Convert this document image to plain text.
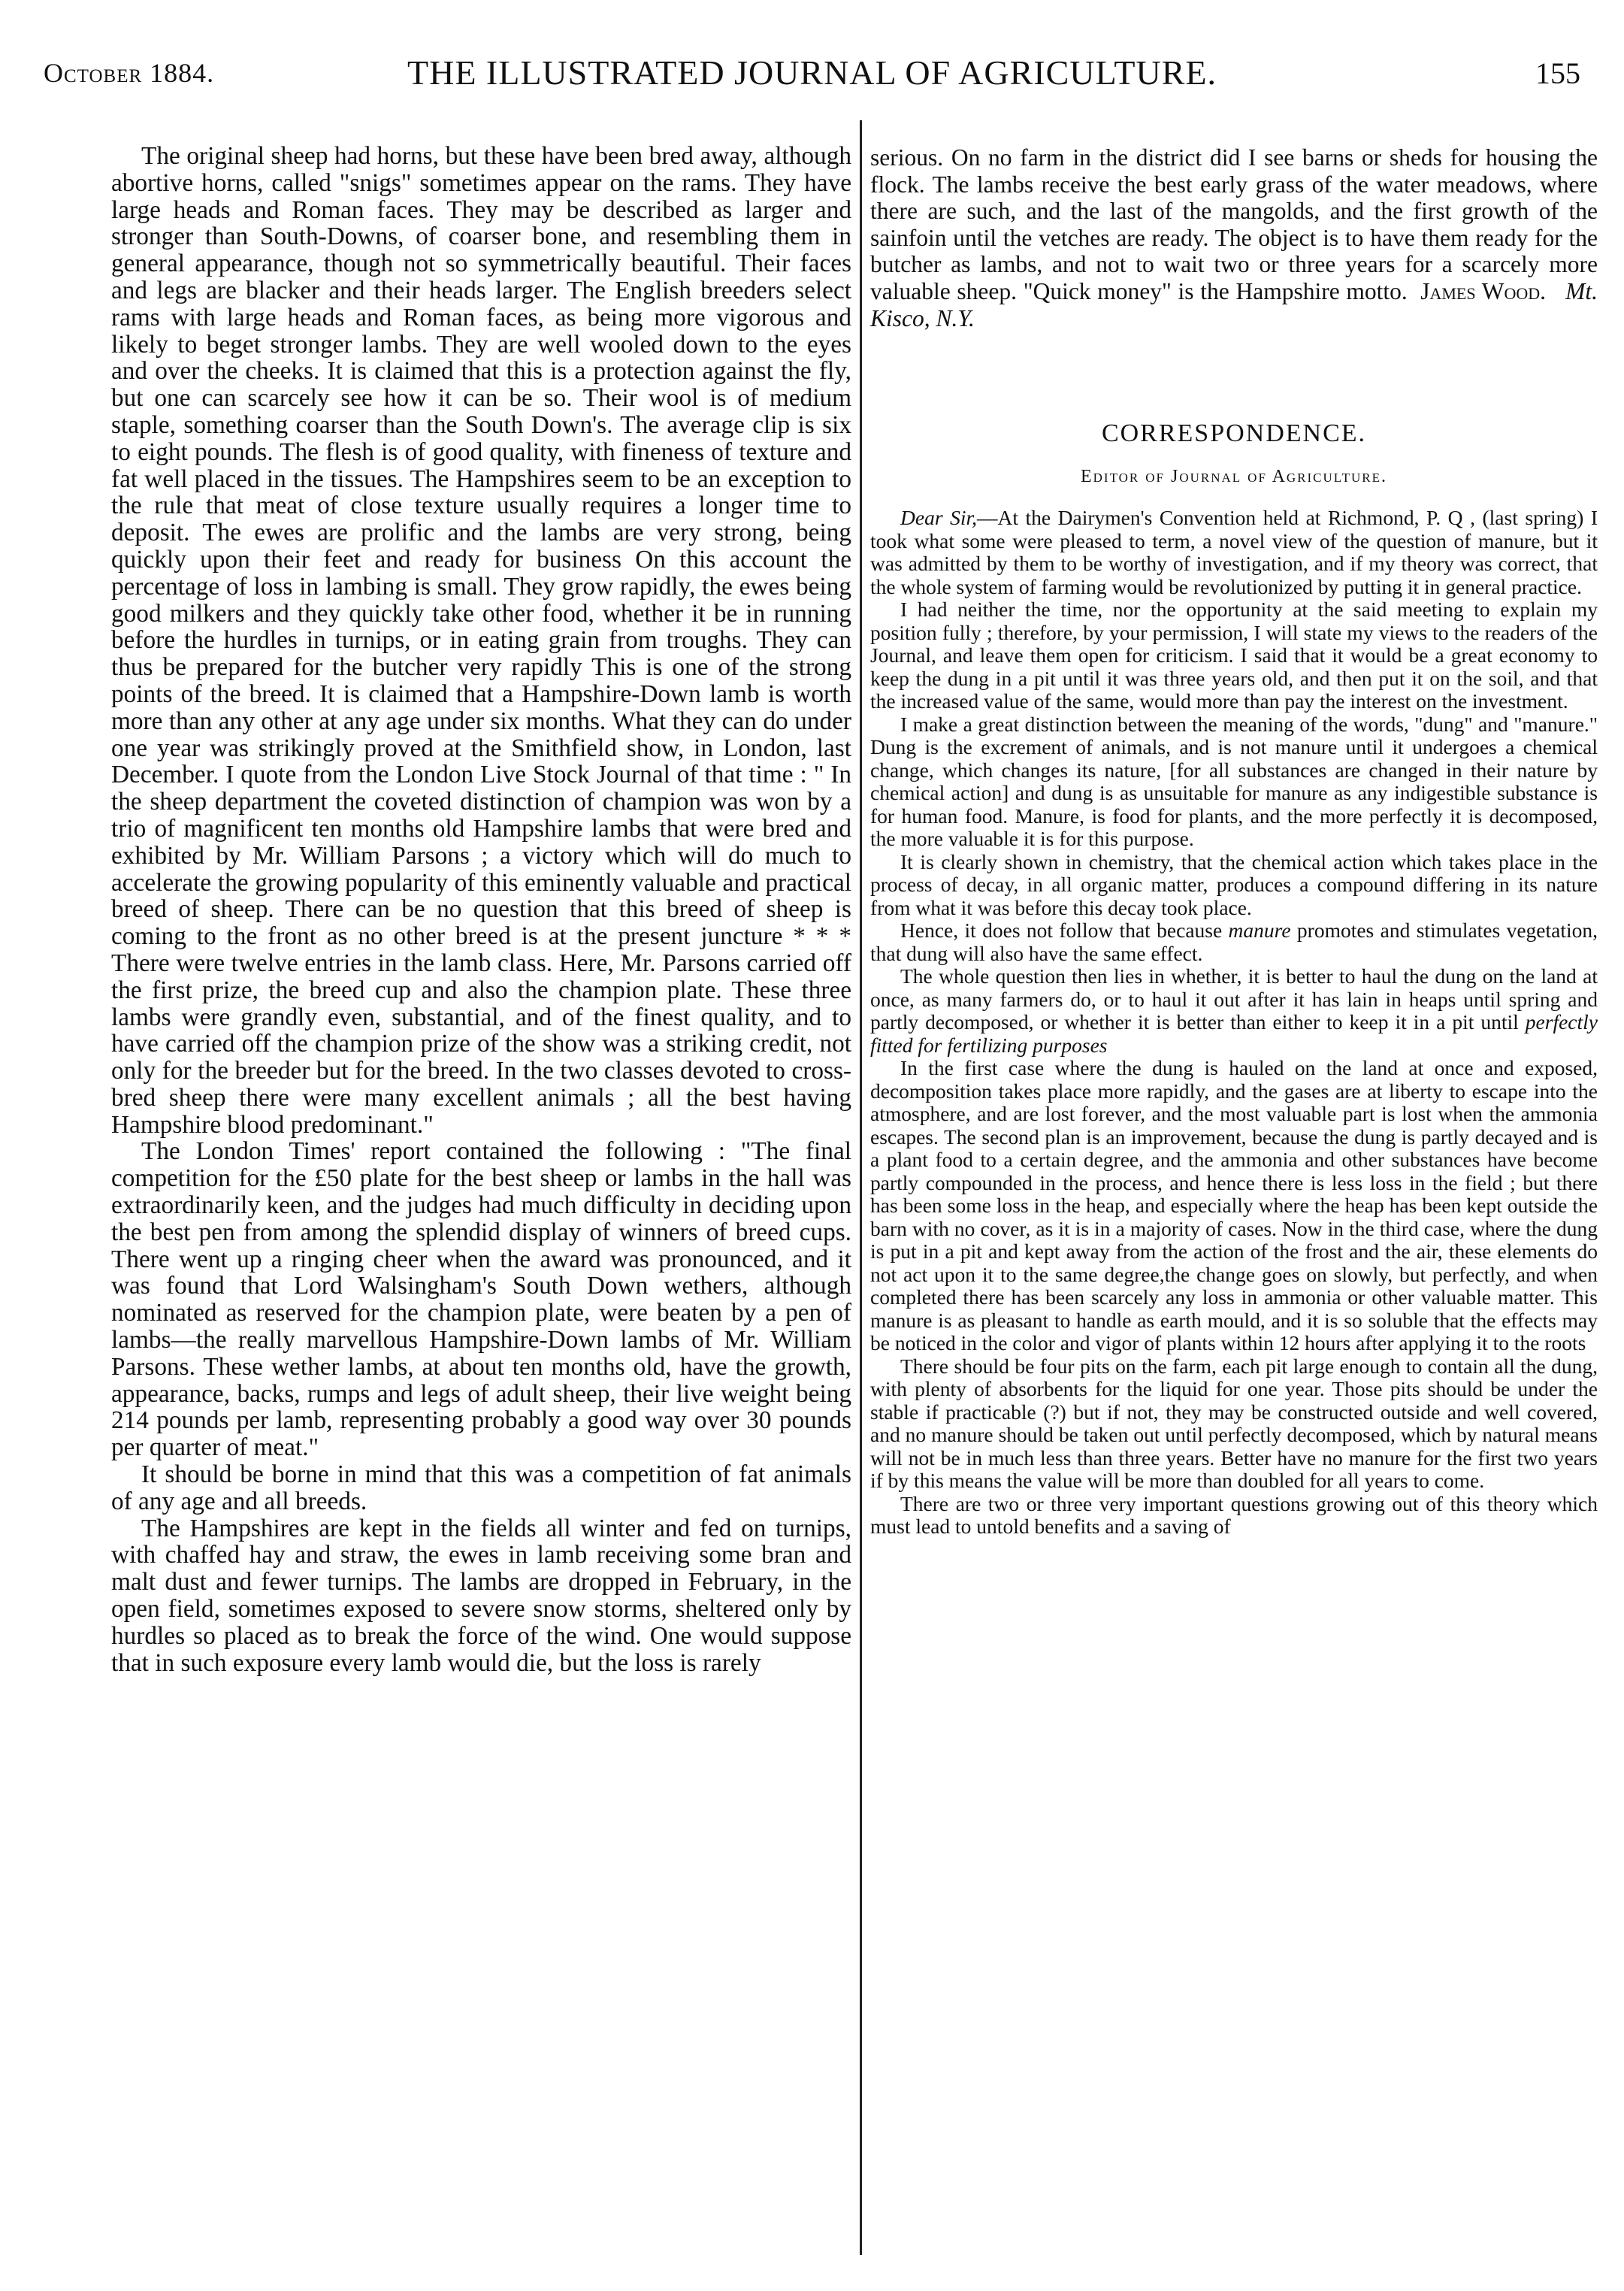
October 1884.	THE ILLUSTRATED JOURNAL OF AGRICULTURE.	155

The original sheep had horns, but these have been bred away, although abortive horns, called "snigs" sometimes appear on the rams. They have large heads and Roman faces. They may be described as larger and stronger than South-Downs, of coarser bone, and resembling them in general appearance, though not so symmetrically beautiful. Their faces and legs are blacker and their heads larger. The English breeders select rams with large heads and Roman faces, as being more vigorous and likely to beget stronger lambs. They are well wooled down to the eyes and over the cheeks. It is claimed that this is a protection against the fly, but one can scarcely see how it can be so. Their wool is of medium staple, something coarser than the South Down's. The average clip is six to eight pounds. The flesh is of good quality, with fineness of texture and fat well placed in the tissues. The Hampshires seem to be an exception to the rule that meat of close texture usually requires a longer time to deposit. The ewes are prolific and the lambs are very strong, being quickly upon their feet and ready for business On this account the percentage of loss in lambing is small. They grow rapidly, the ewes being good milkers and they quickly take other food, whether it be in running before the hurdles in turnips, or in eating grain from troughs. They can thus be prepared for the butcher very rapidly This is one of the strong points of the breed. It is claimed that a Hampshire-Down lamb is worth more than any other at any age under six months. What they can do under one year was strikingly proved at the Smithfield show, in London, last December. I quote from the London Live Stock Journal of that time : " In the sheep department the coveted distinction of champion was won by a trio of magnificent ten months old Hampshire lambs that were bred and exhibited by Mr. William Parsons ; a victory which will do much to accelerate the growing popularity of this eminently valuable and practical breed of sheep. There can be no question that this breed of sheep is coming to the front as no other breed is at the present juncture * * * There were twelve entries in the lamb class. Here, Mr. Parsons carried off the first prize, the breed cup and also the champion plate. These three lambs were grandly even, substantial, and of the finest quality, and to have carried off the champion prize of the show was a striking credit, not only for the breeder but for the breed. In the two classes devoted to cross-bred sheep there were many excellent animals ; all the best having Hampshire blood predominant."

The London Times' report contained the following : "The final competition for the £50 plate for the best sheep or lambs in the hall was extraordinarily keen, and the judges had much difficulty in deciding upon the best pen from among the splendid display of winners of breed cups. There went up a ringing cheer when the award was pronounced, and it was found that Lord Walsingham's South Down wethers, although nominated as reserved for the champion plate, were beaten by a pen of lambs—the really marvellous Hampshire-Down lambs of Mr. William Parsons. These wether lambs, at about ten months old, have the growth, appearance, backs, rumps and legs of adult sheep, their live weight being 214 pounds per lamb, representing probably a good way over 30 pounds per quarter of meat."

It should be borne in mind that this was a competition of fat animals of any age and all breeds.

The Hampshires are kept in the fields all winter and fed on turnips, with chaffed hay and straw, the ewes in lamb receiving some bran and malt dust and fewer turnips. The lambs are dropped in February, in the open field, sometimes exposed to severe snow storms, sheltered only by hurdles so placed as to break the force of the wind. One would suppose that in such exposure every lamb would die, but the loss is rarely

serious. On no farm in the district did I see barns or sheds for housing the flock. The lambs receive the best early grass of the water meadows, where there are such, and the last of the mangolds, and the first growth of the sainfoin until the vetches are ready. The object is to have them ready for the butcher as lambs, and not to wait two or three years for a scarcely more valuable sheep. "Quick money" is the Hampshire motto. James Wood. Mt. Kisco, N.Y.

CORRESPONDENCE.

Editor of Journal of Agriculture.

Dear Sir,—At the Dairymen's Convention held at Richmond, P. Q , (last spring) I took what some were pleased to term, a novel view of the question of manure, but it was admitted by them to be worthy of investigation, and if my theory was correct, that the whole system of farming would be revolutionized by putting it in general practice.

I had neither the time, nor the opportunity at the said meeting to explain my position fully ; therefore, by your permission, I will state my views to the readers of the Journal, and leave them open for criticism. I said that it would be a great economy to keep the dung in a pit until it was three years old, and then put it on the soil, and that the increased value of the same, would more than pay the interest on the investment.

I make a great distinction between the meaning of the words, "dung" and "manure." Dung is the excrement of animals, and is not manure until it undergoes a chemical change, which changes its nature, [for all substances are changed in their nature by chemical action] and dung is as unsuitable for manure as any indigestible substance is for human food. Manure, is food for plants, and the more perfectly it is decomposed, the more valuable it is for this purpose.

It is clearly shown in chemistry, that the chemical action which takes place in the process of decay, in all organic matter, produces a compound differing in its nature from what it was before this decay took place.

Hence, it does not follow that because manure promotes and stimulates vegetation, that dung will also have the same effect.

The whole question then lies in whether, it is better to haul the dung on the land at once, as many farmers do, or to haul it out after it has lain in heaps until spring and partly decomposed, or whether it is better than either to keep it in a pit until perfectly fitted for fertilizing purposes

In the first case where the dung is hauled on the land at once and exposed, decomposition takes place more rapidly, and the gases are at liberty to escape into the atmosphere, and are lost forever, and the most valuable part is lost when the ammonia escapes. The second plan is an improvement, because the dung is partly decayed and is a plant food to a certain degree, and the ammonia and other substances have become partly compounded in the process, and hence there is less loss in the field ; but there has been some loss in the heap, and especially where the heap has been kept outside the barn with no cover, as it is in a majority of cases. Now in the third case, where the dung is put in a pit and kept away from the action of the frost and the air, these elements do not act upon it to the same degree,the change goes on slowly, but perfectly, and when completed there has been scarcely any loss in ammonia or other valuable matter. This manure is as pleasant to handle as earth mould, and it is so soluble that the effects may be noticed in the color and vigor of plants within 12 hours after applying it to the roots

There should be four pits on the farm, each pit large enough to contain all the dung, with plenty of absorbents for the liquid for one year. Those pits should be under the stable if practicable (?) but if not, they may be constructed outside and well covered, and no manure should be taken out until perfectly decomposed, which by natural means will not be in much less than three years. Better have no manure for the first two years if by this means the value will be more than doubled for all years to come.

There are two or three very important questions growing out of this theory which must lead to untold benefits and a saving of
